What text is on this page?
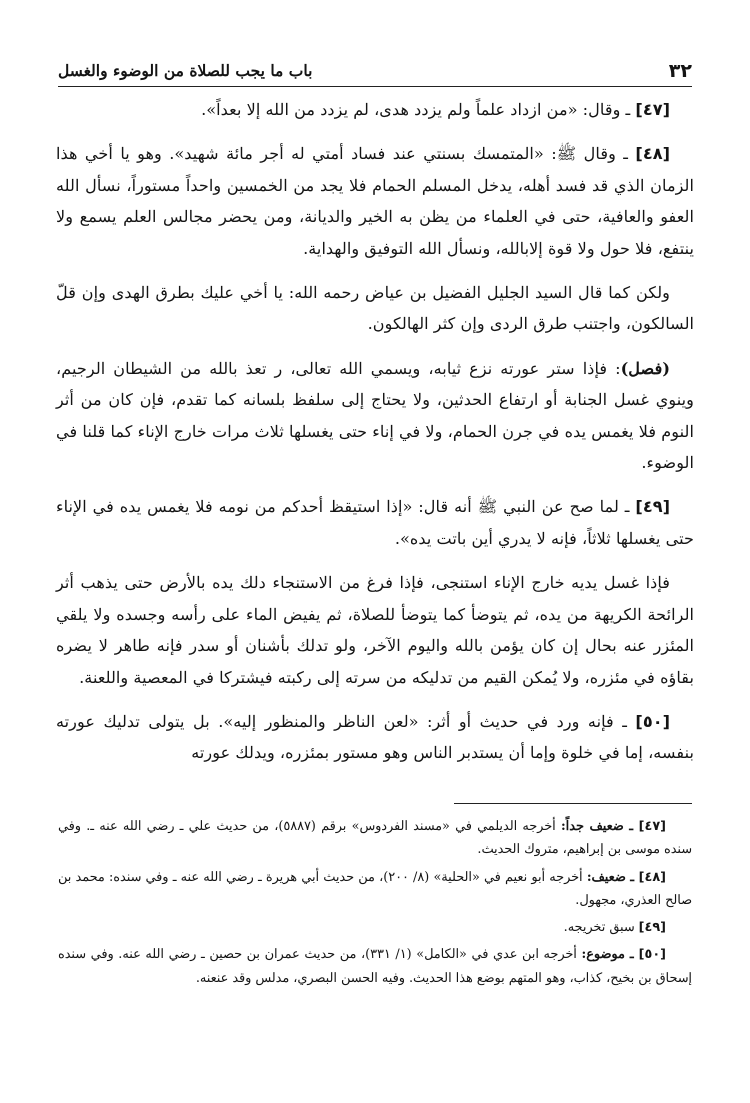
٣٢
باب ما يجب للصلاة من الوضوء والغسل

[٤٧] ـ وقال: «من ازداد علماً ولم يزدد هدى، لم يزدد من الله إلا بعداً».

[٤٨] ـ وقال ﷺ: «المتمسك بسنتي عند فساد أمتي له أجر مائة شهيد». وهو يا أخي هذا الزمان الذي قد فسد أهله، يدخل المسلم الحمام فلا يجد من الخمسين واحداً مستوراً، نسأل الله العفو والعافية، حتى في العلماء من يظن به الخير والديانة، ومن يحضر مجالس العلم يسمع ولا ينتفع، فلا حول ولا قوة إلابالله، ونسأل الله التوفيق والهداية.

ولكن كما قال السيد الجليل الفضيل بن عياض رحمه الله: يا أخي عليك بطرق الهدى وإن قلّ السالكون، واجتنب طرق الردى وإن كثر الهالكون.

(فصل): فإذا ستر عورته نزع ثيابه، ويسمي الله تعالى، ر تعذ بالله من الشيطان الرجيم، وينوي غسل الجنابة أو ارتفاع الحدثين، ولا يحتاج إلى سلفظ بلسانه كما تقدم، فإن كان من أثر النوم فلا يغمس يده في جرن الحمام، ولا في إناء حتى يغسلها ثلاث مرات خارج الإناء كما قلنا في الوضوء.

[٤٩] ـ لما صح عن النبي ﷺ أنه قال: «إذا استيقظ أحدكم من نومه فلا يغمس يده في الإناء حتى يغسلها ثلاثاً، فإنه لا يدري أين باتت يده».

فإذا غسل يديه خارج الإناء استنجى، فإذا فرغ من الاستنجاء دلك يده بالأرض حتى يذهب أثر الرائحة الكريهة من يده، ثم يتوضأ كما يتوضأ للصلاة، ثم يفيض الماء على رأسه وجسده ولا يلقي المئزر عنه بحال إن كان يؤمن بالله واليوم الآخر، ولو تدلك بأشنان أو سدر فإنه طاهر لا يضره بقاؤه في مئزره، ولا يُمكن القيم من تدليكه من سرته إلى ركبته فيشتركا في المعصية واللعنة.

[٥٠] ـ فإنه ورد في حديث أو أثر: «لعن الناظر والمنظور إليه». بل يتولى تدليك عورته بنفسه، إما في خلوة وإما أن يستدبر الناس وهو مستور بمئزره، ويدلك عورته

[٤٧] ـ ضعيف جداً: أخرجه الديلمي في «مسند الفردوس» برقم (٥٨٨٧)، من حديث علي ـ رضي الله عنه ـ. وفي سنده موسى بن إبراهيم، متروك الحديث.

[٤٨] ـ ضعيف: أخرجه أبو نعيم في «الحلية» (٨/ ٢٠٠)، من حديث أبي هريرة ـ رضي الله عنه ـ وفي سنده: محمد بن صالح العذري، مجهول.

[٤٩] سبق تخريجه.

[٥٠] ـ موضوع: أخرجه ابن عدي في «الكامل» (١/ ٣٣١)، من حديث عمران بن حصين ـ رضي الله عنه. وفي سنده إسحاق بن بخيح، كذاب، وهو المتهم بوضع هذا الحديث. وفيه الحسن البصري، مدلس وقد عنعنه.
